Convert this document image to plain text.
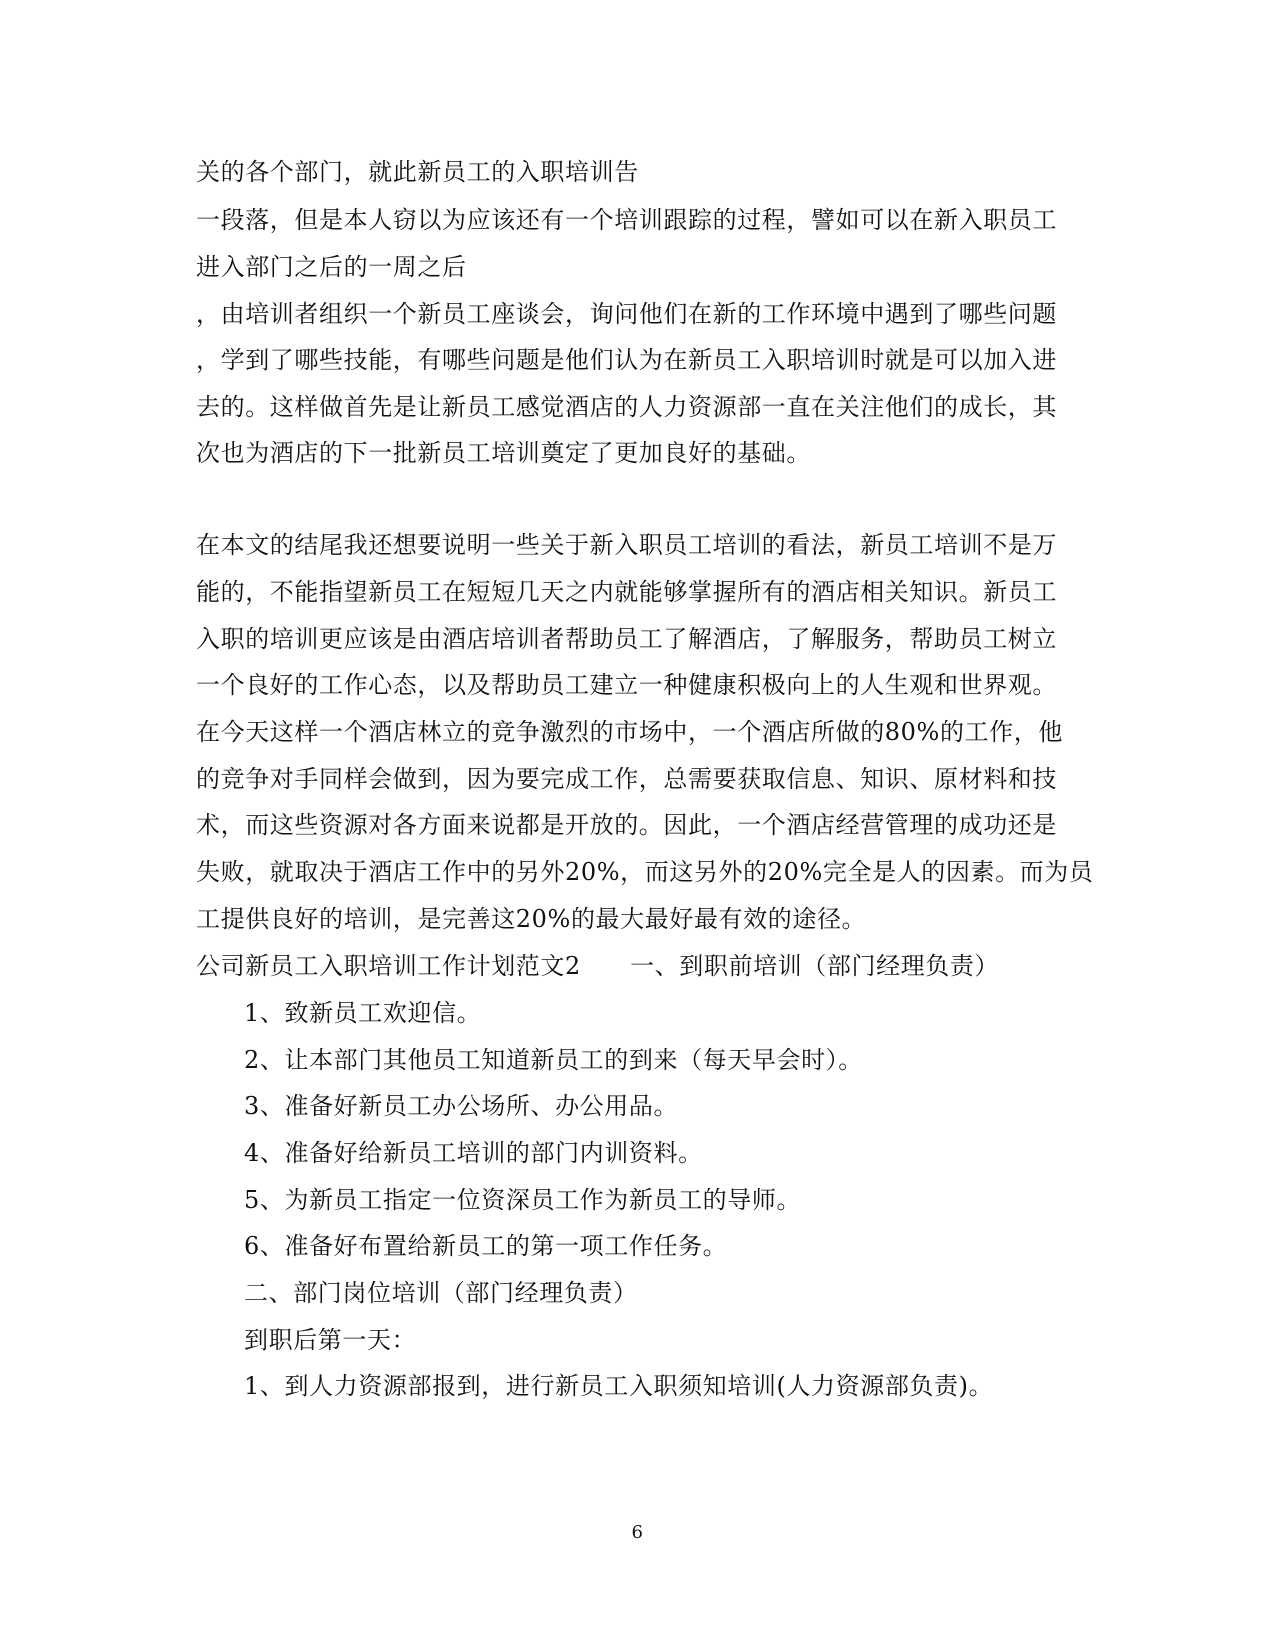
关的各个部门，就此新员工的入职培训告
一段落，但是本人窃以为应该还有一个培训跟踪的过程，譬如可以在新入职员工
进入部门之后的一周之后
，由培训者组织一个新员工座谈会，询问他们在新的工作环境中遇到了哪些问题
，学到了哪些技能，有哪些问题是他们认为在新员工入职培训时就是可以加入进
去的。这样做首先是让新员工感觉酒店的人力资源部一直在关注他们的成长，其
次也为酒店的下一批新员工培训奠定了更加良好的基础。
在本文的结尾我还想要说明一些关于新入职员工培训的看法，新员工培训不是万
能的，不能指望新员工在短短几天之内就能够掌握所有的酒店相关知识。新员工
入职的培训更应该是由酒店培训者帮助员工了解酒店，了解服务，帮助员工树立
一个良好的工作心态，以及帮助员工建立一种健康积极向上的人生观和世界观。
在今天这样一个酒店林立的竞争激烈的市场中，一个酒店所做的80%的工作，他
的竞争对手同样会做到，因为要完成工作，总需要获取信息、知识、原材料和技
术，而这些资源对各方面来说都是开放的。因此，一个酒店经营管理的成功还是
失败，就取决于酒店工作中的另外20%，而这另外的20%完全是人的因素。而为员
工提供良好的培训，是完善这20%的最大最好最有效的途径。
公司新员工入职培训工作计划范文2　　一、到职前培训（部门经理负责）
1、致新员工欢迎信。
2、让本部门其他员工知道新员工的到来（每天早会时）。
3、准备好新员工办公场所、办公用品。
4、准备好给新员工培训的部门内训资料。
5、为新员工指定一位资深员工作为新员工的导师。
6、准备好布置给新员工的第一项工作任务。
二、部门岗位培训（部门经理负责）
到职后第一天：
1、到人力资源部报到，进行新员工入职须知培训(人力资源部负责)。
6
